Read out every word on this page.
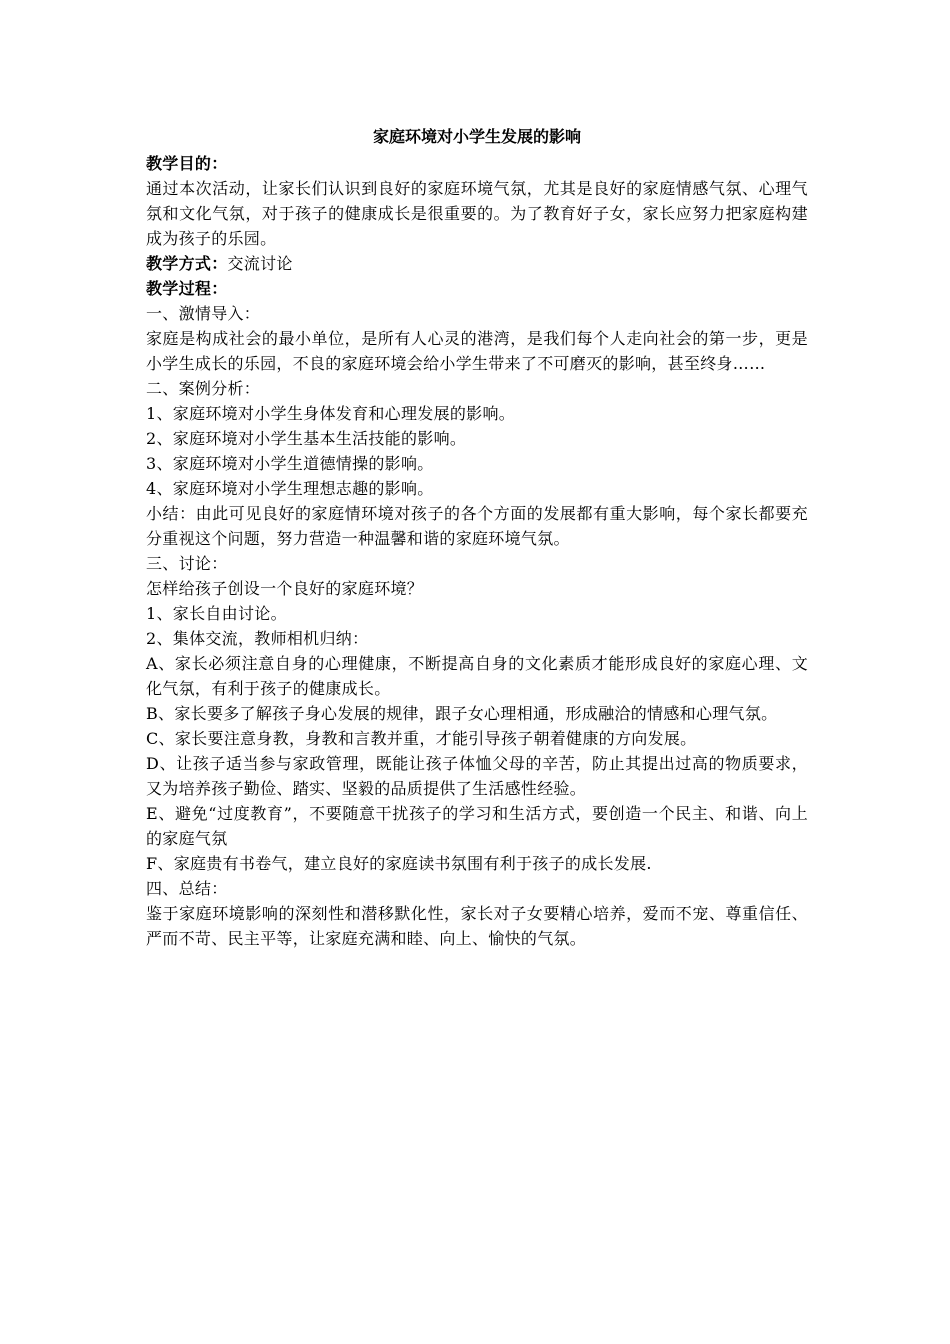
家庭环境对小学生发展的影响

教学目的：

通过本次活动，让家长们认识到良好的家庭环境气氛，尤其是良好的家庭情感气氛、心理气氛和文化气氛，对于孩子的健康成长是很重要的。为了教育好子女，家长应努力把家庭构建成为孩子的乐园。

教学方式：交流讨论

教学过程：

一、激情导入：

家庭是构成社会的最小单位，是所有人心灵的港湾，是我们每个人走向社会的第一步，更是小学生成长的乐园，不良的家庭环境会给小学生带来了不可磨灭的影响，甚至终身……

二、案例分析：

1、家庭环境对小学生身体发育和心理发展的影响。

2、家庭环境对小学生基本生活技能的影响。

3、家庭环境对小学生道德情操的影响。

4、家庭环境对小学生理想志趣的影响。

小结：由此可见良好的家庭情环境对孩子的各个方面的发展都有重大影响，每个家长都要充分重视这个问题，努力营造一种温馨和谐的家庭环境气氛。

三、讨论：

怎样给孩子创设一个良好的家庭环境？

1、家长自由讨论。

2、集体交流，教师相机归纳：

A、家长必须注意自身的心理健康，不断提高自身的文化素质才能形成良好的家庭心理、文化气氛，有利于孩子的健康成长。

B、家长要多了解孩子身心发展的规律，跟子女心理相通，形成融洽的情感和心理气氛。

C、家长要注意身教，身教和言教并重，才能引导孩子朝着健康的方向发展。

D、让孩子适当参与家政管理，既能让孩子体恤父母的辛苦，防止其提出过高的物质要求，又为培养孩子勤俭、踏实、坚毅的品质提供了生活感性经验。

E、避免“过度教育”，不要随意干扰孩子的学习和生活方式，要创造一个民主、和谐、向上的家庭气氛

F、家庭贵有书卷气，建立良好的家庭读书氛围有利于孩子的成长发展.

四、总结：

鉴于家庭环境影响的深刻性和潜移默化性，家长对子女要精心培养，爱而不宠、尊重信任、严而不苛、民主平等，让家庭充满和睦、向上、愉快的气氛。
